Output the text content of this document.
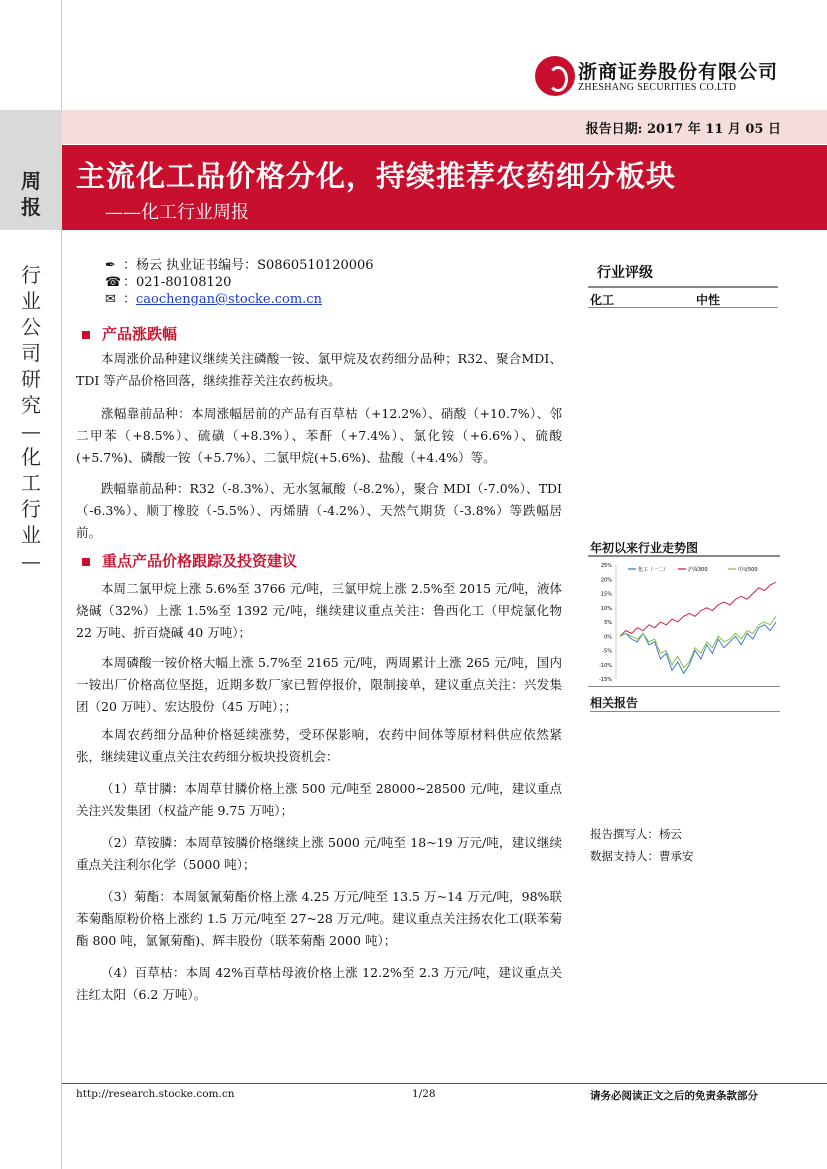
周
报
行
业
公
司
研
究
—
化
工
行
业
—
浙商证券股份有限公司
ZHESHANG SECURITIES CO.LTD
报告日期: 2017 年 11 月 05 日
主流化工品价格分化，持续推荐农药细分板块
——化工行业周报
✒ ：杨云 执业证书编号：S0860510120006
☎ ：021-80108120
✉ ：caochengan@stocke.com.cn
行业评级
化工	中性
产品涨跌幅
本周涨价品种建议继续关注磷酸一铵、氯甲烷及农药细分品种；R32、聚合MDI、TDI 等产品价格回落，继续推荐关注农药板块。
涨幅靠前品种：本周涨幅居前的产品有百草枯（+12.2%）、硝酸（+10.7%）、邻二甲苯（+8.5%）、硫磺（+8.3%）、苯酐（+7.4%）、氯化铵（+6.6%）、硫酸(+5.7%)、磷酸一铵（+5.7%）、二氯甲烷(+5.6%)、盐酸（+4.4%）等。
跌幅靠前品种：R32（-8.3%）、无水氢氟酸（-8.2%），聚合 MDI（-7.0%）、TDI（-6.3%）、顺丁橡胶（-5.5%）、丙烯腈（-4.2%）、天然气期货（-3.8%）等跌幅居前。
重点产品价格跟踪及投资建议
本周二氯甲烷上涨 5.6%至 3766 元/吨，三氯甲烷上涨 2.5%至 2015 元/吨，液体烧碱（32%）上涨 1.5%至 1392 元/吨，继续建议重点关注：鲁西化工（甲烷氯化物 22 万吨、折百烧碱 40 万吨）；
本周磷酸一铵价格大幅上涨 5.7%至 2165 元/吨，两周累计上涨 265 元/吨，国内一铵出厂价格高位坚挺，近期多数厂家已暂停报价，限制接单，建议重点关注：兴发集团（20 万吨）、宏达股份（45 万吨）；；
本周农药细分品种价格延续涨势，受环保影响，农药中间体等原材料供应依然紧张，继续建议重点关注农药细分板块投资机会：
（1）草甘膦：本周草甘膦价格上涨 500 元/吨至 28000~28500 元/吨，建议重点关注兴发集团（权益产能 9.75 万吨）；
（2）草铵膦：本周草铵膦价格继续上涨 5000 元/吨至 18~19 万元/吨，建议继续重点关注利尔化学（5000 吨）；
（3）菊酯：本周氯氰菊酯价格上涨 4.25 万元/吨至 13.5 万~14 万元/吨，98%联苯菊酯原粉价格上涨约 1.5 万元/吨至 27~28 万元/吨。建议重点关注扬农化工(联苯菊酯 800 吨，氯氰菊酯)、辉丰股份（联苯菊酯 2000 吨）；
（4）百草枯：本周 42%百草枯母液价格上涨 12.2%至 2.3 万元/吨，建议重点关注红太阳（6.2 万吨）。
年初以来行业走势图
25%
20%
15%
10%
5%
0%
-5%
-10%
-15%
化工（一二）	沪深300	中证500
相关报告
报告撰写人：杨云
数据支持人：曹承安
http://research.stocke.com.cn	1/28	请务必阅读正文之后的免责条款部分
